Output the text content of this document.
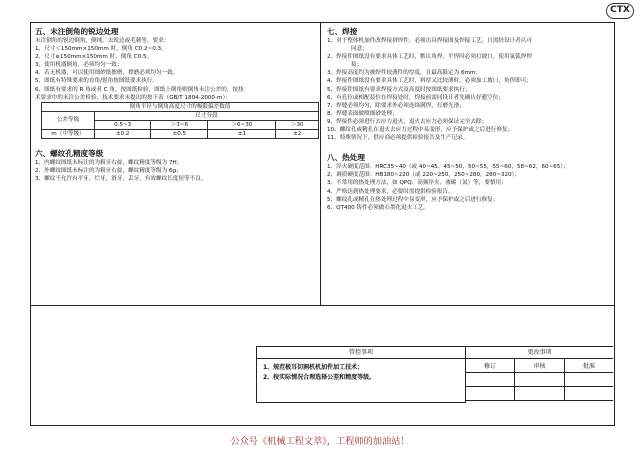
CTX

五、未注倒角的锐边处理

未注倒角的锐边倒角，倒钝，去锐边或毛刺等，要求：

1、尺寸＜150mm×150mm 时，倒角 C0.2~0.3。

2、尺寸≥150mm×150mm 时，倒角 C0.5。

3、使用机器倒角，必须均匀一致；

4、若无机器，可以使用细砂纸擦磨，撑磨必须均匀一致。

5、图纸有特殊要求的直角/锐角按图纸要求执行。

6、图纸有要求的 R 角或者 C 角，按图纸检验，图纸上倒角则倒角未注公差的，按技

术要求中的未注公差检验，技术要求未提出的按下表（GB/T 1804-2000-m）：

倒角半径与倒角高度尺寸的极限偏差数值				
公差等级	尺寸分段			
	0.5~3	＞3~6	＞6~30	＞30
m（中等级）	±0.2	±0.5	±1	±2

六、螺纹孔精度等级

1、内螺纹图纸未标注的为粗牙右旋，螺纹精度等级为 7H；

2、外螺纹图纸未标注的为粗牙右旋，螺纹精度等级为 6g；

3、螺纹不允许有平牙，烂牙，滑牙，丢牙，有效螺纹长度短等不良。

七、焊接

1、对于整体机加件改焊接拼焊件，必须出具焊接图及焊接工艺，且需经设计者认可

同意；

2、焊接件图纸没有要求具体工艺时，默认角焊，平焊时必须打坡口，使用氩弧焊焊

接；

3、焊接高度约为被焊件较薄件的厚度，且最高限定为 6mm；

4、焊接件图纸没有要求具体工艺时，料厚又比较薄时，必须加工坡口，角焊即可；

5、焊接件图纸有要求焊接方式及高度时按图纸要求执行；

6、有孔位或相配装位在焊接处时，焊接前需同设计者先确认好避空位；

7、焊缝必须均匀，除要求外必须连续满焊，打磨光滑；

8、焊缝表面做喷细砂处理；

9、焊接件必须进行去应力退火，退火去应力必须保证完全去除；

10、螺纹孔或精孔在退火去应力过程中易变形，应予保护或之后进行修复；

11、特殊情况下，供应商必须提供检验报告及生产记录。

八、热处理

1、淬火硬度范围：HRC35~40（或 40~45，45~50，50~55，55~60，58~62，60~65）；

2、调质硬度范围：HB180~220（或 220~250，250~280，280~320）；

3、不常用的热处理方法，如 QPQ、高频淬火，渗碳（氮）等，要慎用；

4、严格达到热处理要求，必要时需提供检验报告。

5、螺纹孔或精孔在热处理过程中易变形，应予保护或之后进行修复；

6、QT400 铸件必须做石墨化退火工艺。

管控事项
1、规范极耳切割机机加件加工技术；
2、按实际情况合理选择公差和精度等级。
更改事项
修订	审核	批准

公众号《机械工程文萃》，工程师的加油站！
